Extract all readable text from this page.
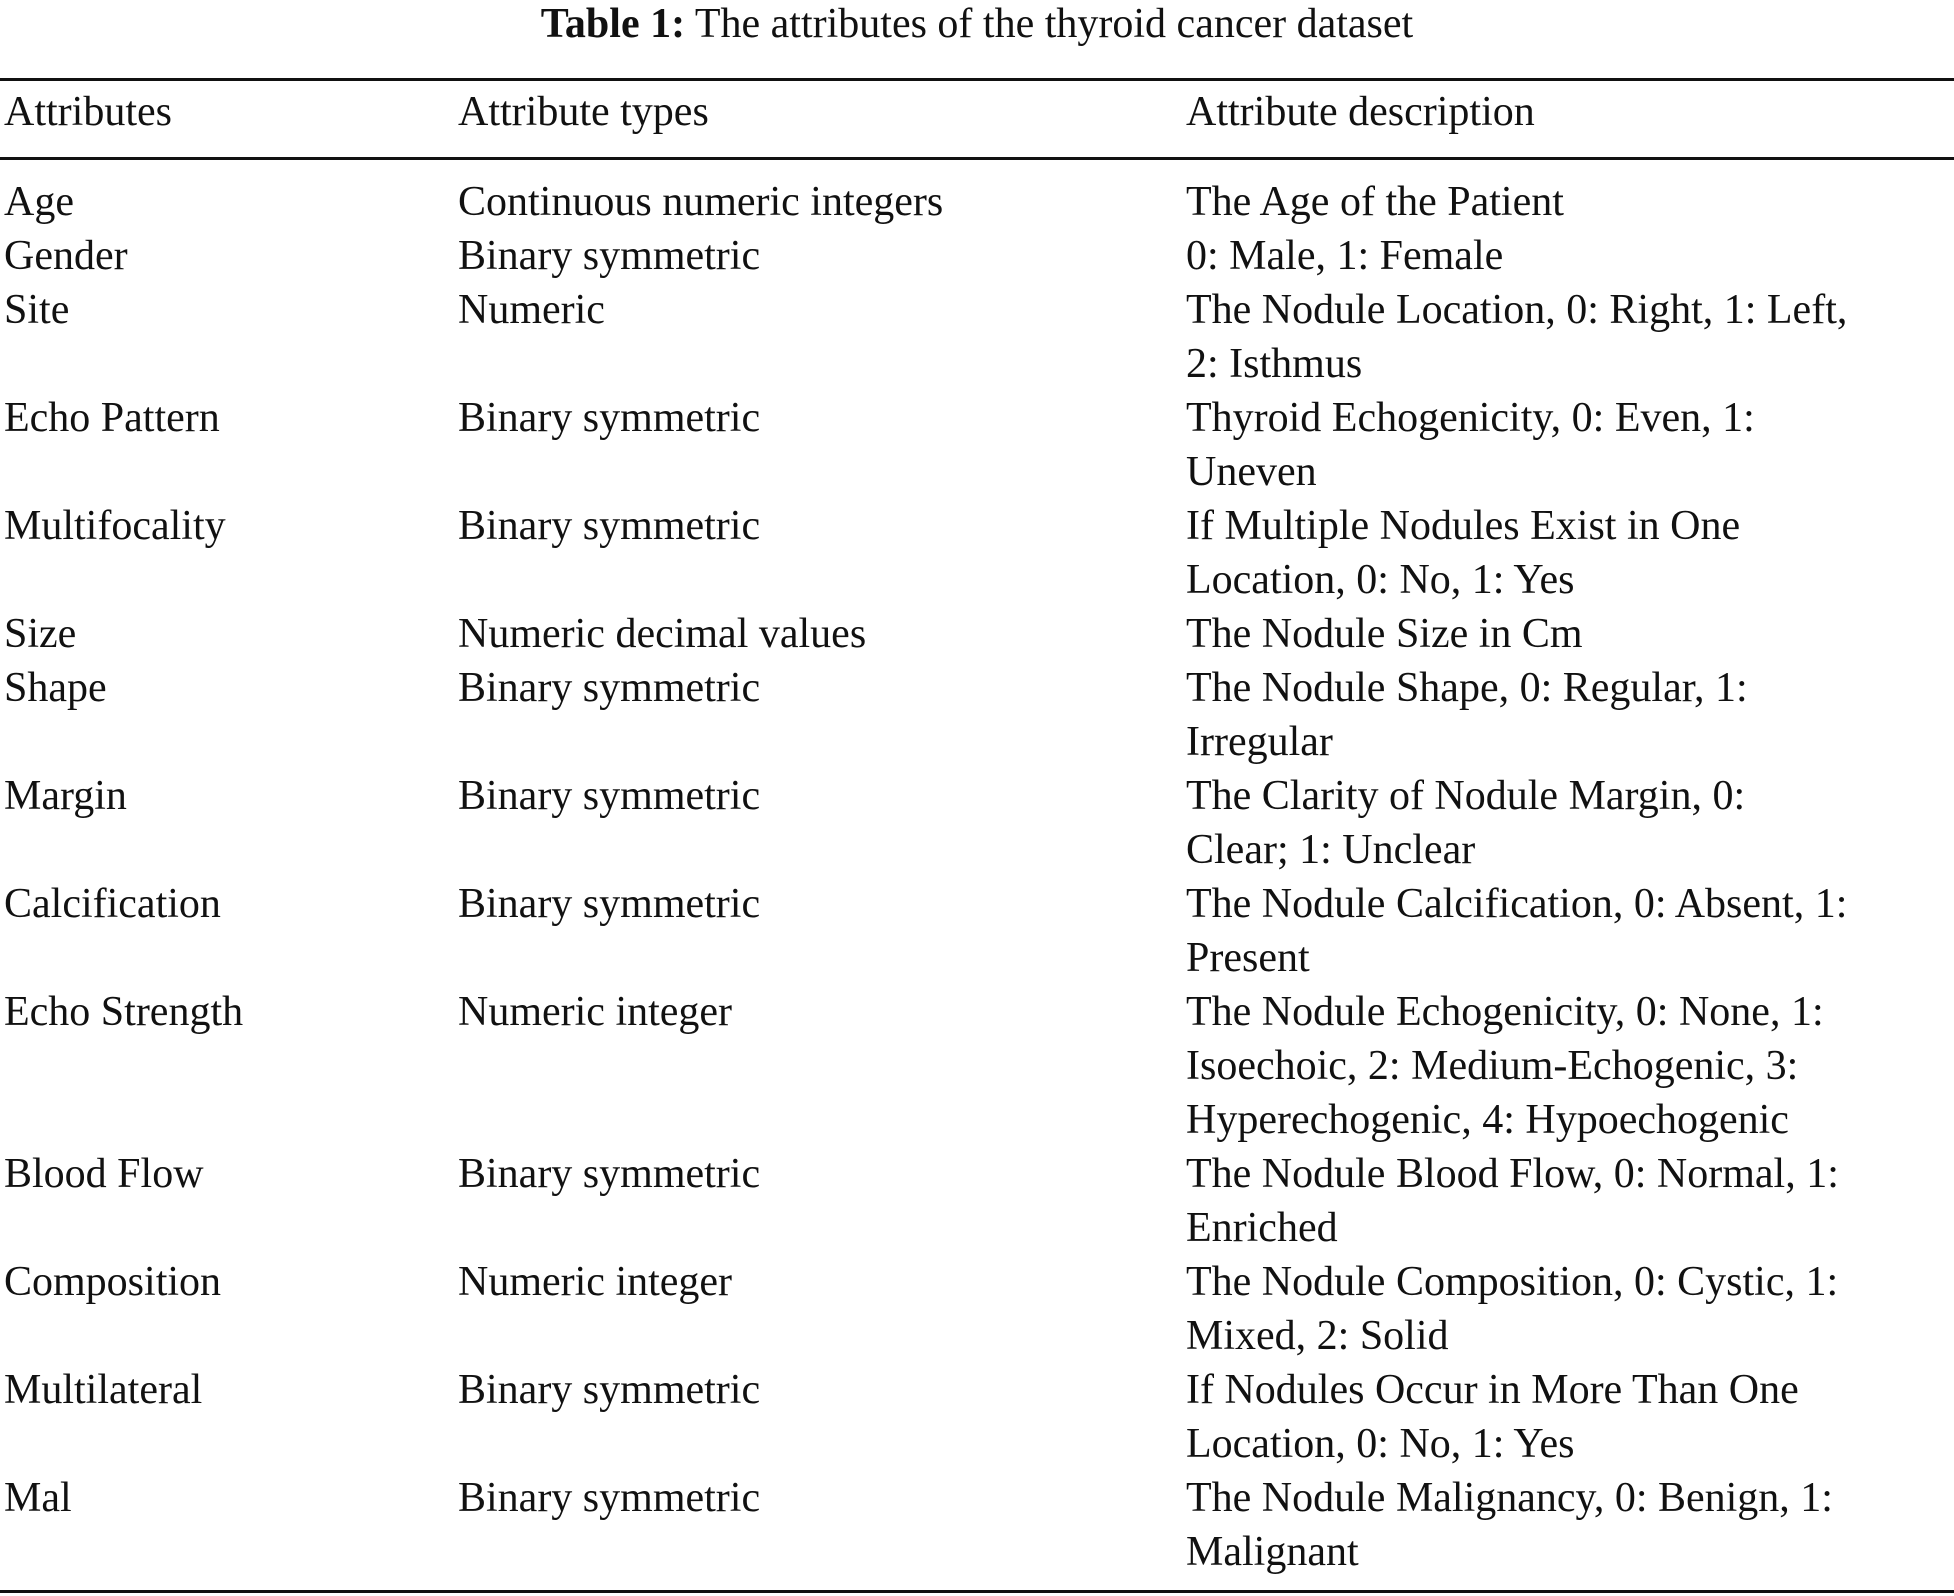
Table 1: The attributes of the thyroid cancer dataset
Attributes	Attribute types	Attribute description
Age	Continuous numeric integers	The Age of the Patient
Gender	Binary symmetric	0: Male, 1: Female
Site	Numeric	The Nodule Location, 0: Right, 1: Left,
2: Isthmus
Echo Pattern	Binary symmetric	Thyroid Echogenicity, 0: Even, 1:
Uneven
Multifocality	Binary symmetric	If Multiple Nodules Exist in One
Location, 0: No, 1: Yes
Size	Numeric decimal values	The Nodule Size in Cm
Shape	Binary symmetric	The Nodule Shape, 0: Regular, 1:
Irregular
Margin	Binary symmetric	The Clarity of Nodule Margin, 0:
Clear; 1: Unclear
Calcification	Binary symmetric	The Nodule Calcification, 0: Absent, 1:
Present
Echo Strength	Numeric integer	The Nodule Echogenicity, 0: None, 1:
Isoechoic, 2: Medium-Echogenic, 3:
Hyperechogenic, 4: Hypoechogenic
Blood Flow	Binary symmetric	The Nodule Blood Flow, 0: Normal, 1:
Enriched
Composition	Numeric integer	The Nodule Composition, 0: Cystic, 1:
Mixed, 2: Solid
Multilateral	Binary symmetric	If Nodules Occur in More Than One
Location, 0: No, 1: Yes
Mal	Binary symmetric	The Nodule Malignancy, 0: Benign, 1:
Malignant
